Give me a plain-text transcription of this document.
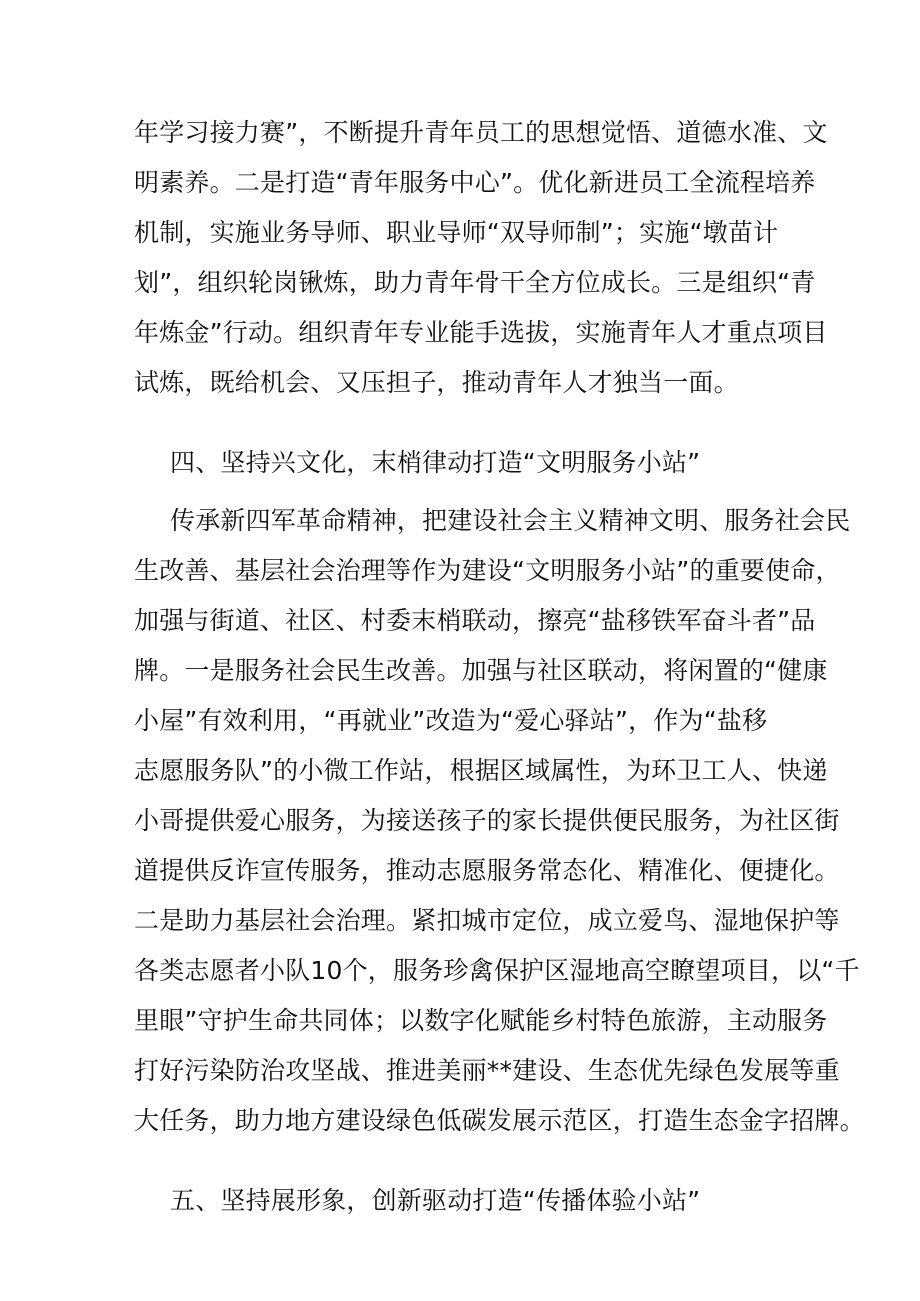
年学习接力赛”，不断提升青年员工的思想觉悟、道德水准、文
明素养。二是打造“青年服务中心”。优化新进员工全流程培养
机制，实施业务导师、职业导师“双导师制”；实施“墩苗计
划”，组织轮岗锹炼，助力青年骨干全方位成长。三是组织“青
年炼金”行动。组织青年专业能手选拔，实施青年人才重点项目
试炼，既给机会、又压担子，推动青年人才独当一面。
四、坚持兴文化，末梢律动打造“文明服务小站”
传承新四军革命精神，把建设社会主义精神文明、服务社会民
生改善、基层社会治理等作为建设“文明服务小站”的重要使命，
加强与街道、社区、村委末梢联动，擦亮“盐移铁军奋斗者”品
牌。一是服务社会民生改善。加强与社区联动，将闲置的“健康
小屋”有效利用，“再就业”改造为“爱心驿站”，作为“盐移
志愿服务队”的小微工作站，根据区域属性，为环卫工人、快递
小哥提供爱心服务，为接送孩子的家长提供便民服务，为社区街
道提供反诈宣传服务，推动志愿服务常态化、精准化、便捷化。
二是助力基层社会治理。紧扣城市定位，成立爱鸟、湿地保护等
各类志愿者小队10个，服务珍禽保护区湿地高空瞭望项目，以“千
里眼”守护生命共同体；以数字化赋能乡村特色旅游，主动服务
打好污染防治攻坚战、推进美丽**建设、生态优先绿色发展等重
大任务，助力地方建设绿色低碳发展示范区，打造生态金字招牌。
五、坚持展形象，创新驱动打造“传播体验小站”
